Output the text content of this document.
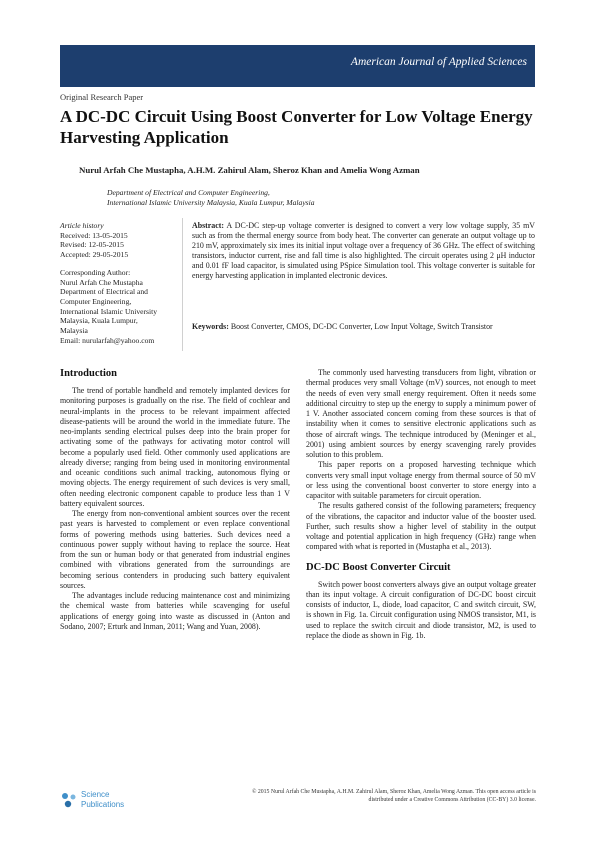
American Journal of Applied Sciences
Original Research Paper
A DC-DC Circuit Using Boost Converter for Low Voltage Energy Harvesting Application
Nurul Arfah Che Mustapha, A.H.M. Zahirul Alam, Sheroz Khan and Amelia Wong Azman
Department of Electrical and Computer Engineering,
International Islamic University Malaysia, Kuala Lumpur, Malaysia
Article history
Received: 13-05-2015
Revised: 12-05-2015
Accepted: 29-05-2015
Corresponding Author:
Nurul Arfah Che Mustapha
Department of Electrical and
Computer Engineering,
International Islamic University
Malaysia, Kuala Lumpur,
Malaysia
Email: nurularfah@yahoo.com
Abstract: A DC-DC step-up voltage converter is designed to convert a very low voltage supply, 35 mV such as from the thermal energy source from body heat. The converter can generate an output voltage up to 210 mV, approximately six imes its initial input voltage over a frequency of 36 GHz. The effect of switching transistors, inductor current, rise and fall time is also highlighted. The circuit operates using 2 μH inductor and 0.01 fF load capacitor, is simulated using PSpice Simulation tool. This voltage converter is suitable for energy harvesting application in implanted electronic devices.
Keywords: Boost Converter, CMOS, DC-DC Converter, Low Input Voltage, Switch Transistor
Introduction

The trend of portable handheld and remotely implanted devices for monitoring purposes is gradually on the rise. The field of cochlear and neural-implants in the process to be relevant impairment affected disease-patients will be around the world in the immediate future. The neo-implants sending electrical pulses deep into the brain proper for activating some of the pathways for activating motor control will become a popularly used field. Other commonly used applications are already diverse; ranging from being used in monitoring environmental and oceanic conditions such animal tracking, autonomous flying or moving objects. The energy requirement of such devices is very small, often needing electronic component capable to produce less than 1 V battery equivalent sources.

The energy from non-conventional ambient sources over the recent past years is harvested to complement or even replace conventional forms of powering methods using batteries. Such devices need a continuous power supply without having to replace the source. Heat from the sun or human body or that generated from industrial engines combined with vibrations generated from the surroundings are becoming serious contenders in producing such battery equivalent sources.

The advantages include reducing maintenance cost and minimizing the chemical waste from batteries while scavenging for useful applications of energy going into waste as discussed in (Anton and Sodano, 2007; Erturk and Inman, 2011; Wang and Yuan, 2008).

The commonly used harvesting transducers from light, vibration or thermal produces very small Voltage (mV) sources, not enough to meet the needs of even very small energy requirement. Often it needs some additional circuitry to step up the energy to supply a minimum power of 1 V. Another associated concern coming from these sources is that of instability when it comes to sensitive electronic applications such as those of aircraft wings. The technique introduced by (Meninger et al., 2001) using ambient sources by energy scavenging rarely provides solution to this problem.

This paper reports on a proposed harvesting technique which converts very small input voltage energy from thermal source of 50 mV or less using the conventional boost converter to store energy into a capacitor with suitable parameters for circuit operation.

The results gathered consist of the following parameters; frequency of the vibrations, the capacitor and inductor value of the booster used. Further, such results show a higher level of stability in the output voltage and potential application in high frequency (GHz) range when compared with what is reported in (Mustapha et al., 2013).

DC-DC Boost Converter Circuit

Switch power boost converters always give an output voltage greater than its input voltage. A circuit configuration of DC-DC boost circuit consists of inductor, L, diode, load capacitor, C and switch circuit, SW, is shown in Fig. 1a. Circuit configuration using NMOS transistor, M1, is used to replace the switch circuit and diode transistor, M2, is used to replace the diode as shown in Fig. 1b.

Science
Publications
© 2015 Nurul Arfah Che Mustapha, A.H.M. Zahirul Alam, Sheroz Khan, Amelia Wong Azman. This open access article is
distributed under a Creative Commons Attribution (CC-BY) 3.0 license.
